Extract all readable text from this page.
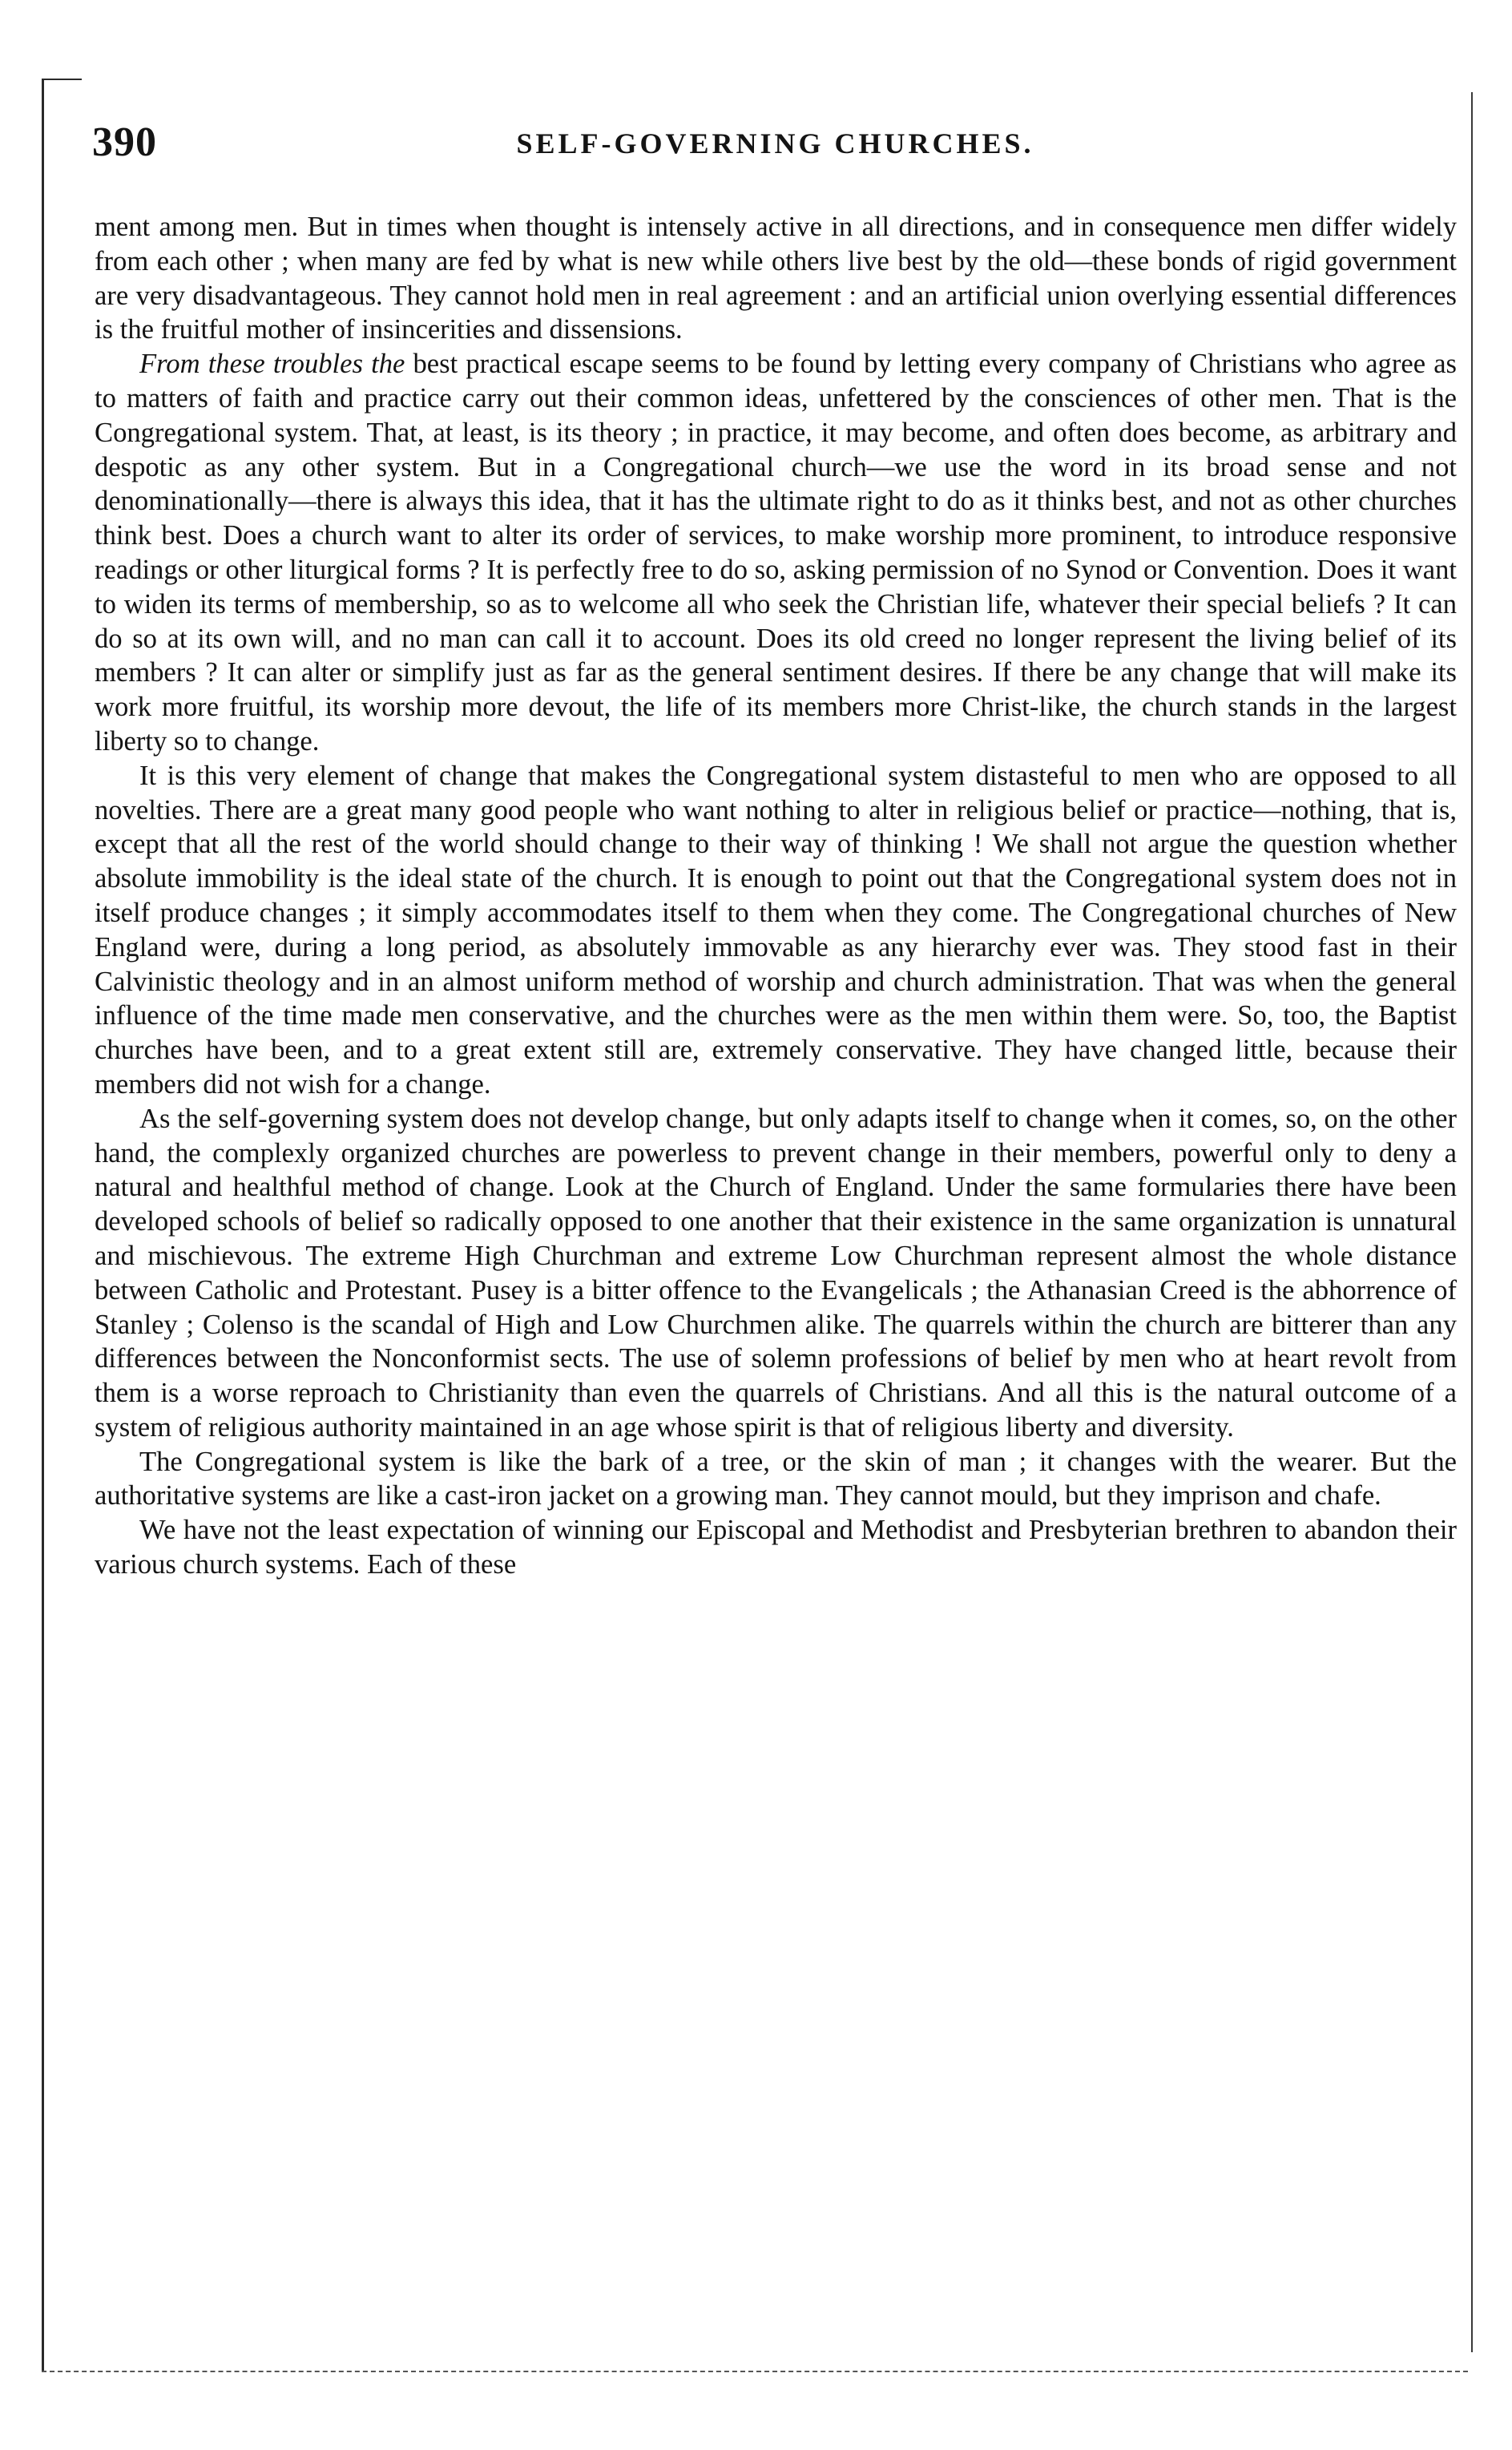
390	SELF-GOVERNING CHURCHES.

ment among men. But in times when thought is intensely active in all directions, and in consequence men differ widely from each other ; when many are fed by what is new while others live best by the old—these bonds of rigid government are very disadvantageous. They cannot hold men in real agreement : and an artificial union overlying essential differences is the fruitful mother of insincerities and dissensions.

From these troubles the best practical escape seems to be found by letting every company of Christians who agree as to matters of faith and practice carry out their common ideas, unfettered by the consciences of other men. That is the Congregational system. That, at least, is its theory ; in practice, it may become, and often does become, as arbitrary and despotic as any other system. But in a Congregational church—we use the word in its broad sense and not denominationally—there is always this idea, that it has the ultimate right to do as it thinks best, and not as other churches think best. Does a church want to alter its order of services, to make worship more prominent, to introduce responsive readings or other liturgical forms ? It is perfectly free to do so, asking permission of no Synod or Convention. Does it want to widen its terms of membership, so as to welcome all who seek the Christian life, whatever their special beliefs ? It can do so at its own will, and no man can call it to account. Does its old creed no longer represent the living belief of its members ? It can alter or simplify just as far as the general sentiment desires. If there be any change that will make its work more fruitful, its worship more devout, the life of its members more Christ-like, the church stands in the largest liberty so to change.

It is this very element of change that makes the Congregational system distasteful to men who are opposed to all novelties. There are a great many good people who want nothing to alter in religious belief or practice—nothing, that is, except that all the rest of the world should change to their way of thinking ! We shall not argue the question whether absolute immobility is the ideal state of the church. It is enough to point out that the Congregational system does not in itself produce changes ; it simply accommodates itself to them when they come. The Congregational churches of New England were, during a long period, as absolutely immovable as any hierarchy ever was. They stood fast in their Calvinistic theology and in an almost uniform method of worship and church administration. That was when the general influence of the time made men conservative, and the churches were as the men within them were. So, too, the Baptist churches have been, and to a great extent still are, extremely conservative. They have changed little, because their members did not wish for a change.

As the self-governing system does not develop change, but only adapts itself to change when it comes, so, on the other hand, the complexly organized churches are powerless to prevent change in their members, powerful only to deny a natural and healthful method of change. Look at the Church of England. Under the same formularies there have been developed schools of belief so radically opposed to one another that their existence in the same organization is unnatural and mischievous. The extreme High Churchman and extreme Low Churchman represent almost the whole distance between Catholic and Protestant. Pusey is a bitter offence to the Evangelicals ; the Athanasian Creed is the abhorrence of Stanley ; Colenso is the scandal of High and Low Churchmen alike. The quarrels within the church are bitterer than any differences between the Nonconformist sects. The use of solemn professions of belief by men who at heart revolt from them is a worse reproach to Christianity than even the quarrels of Christians. And all this is the natural outcome of a system of religious authority maintained in an age whose spirit is that of religious liberty and diversity.

The Congregational system is like the bark of a tree, or the skin of man ; it changes with the wearer. But the authoritative systems are like a cast-iron jacket on a growing man. They cannot mould, but they imprison and chafe.

We have not the least expectation of winning our Episcopal and Methodist and Presbyterian brethren to abandon their various church systems. Each of these
